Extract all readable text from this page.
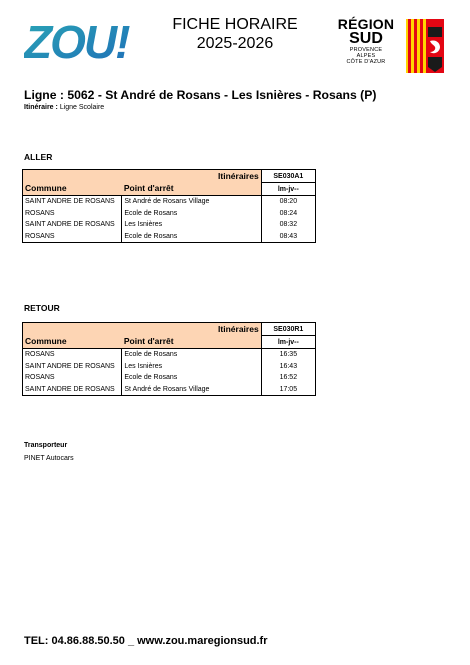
ZOU!	FICHE HORAIRE
2025-2026
RÉGION
SUD
PROVENCE
ALPES
CÔTE D'AZUR
Ligne : 5062 - St André de Rosans - Les Isnières - Rosans (P)
Itinéraire : Ligne Scolaire
ALLER
	Itinéraires	SE030A1
Commune	Point d'arrêt	lm-jv--
SAINT ANDRE DE ROSANS	St André de Rosans Village	08:20
ROSANS	Ecole de Rosans	08:24
SAINT ANDRE DE ROSANS	Les Isnières	08:32
ROSANS	Ecole de Rosans	08:43
RETOUR
	Itinéraires	SE030R1
Commune	Point d'arrêt	lm-jv--
ROSANS	Ecole de Rosans	16:35
SAINT ANDRE DE ROSANS	Les Isnières	16:43
ROSANS	Ecole de Rosans	16:52
SAINT ANDRE DE ROSANS	St André de Rosans Village	17:05
Transporteur
PINET Autocars
TEL: 04.86.88.50.50 _ www.zou.maregionsud.fr
